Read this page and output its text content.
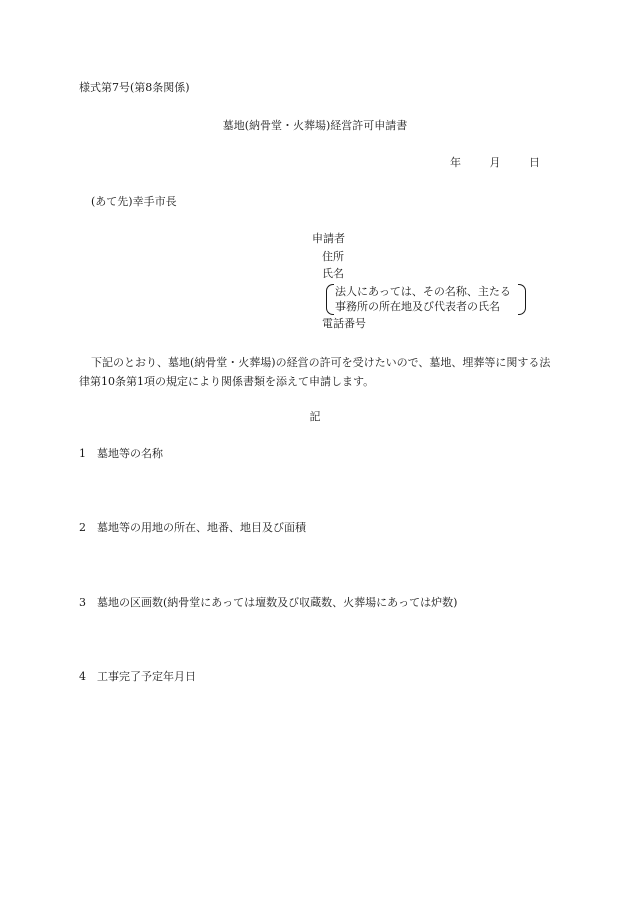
様式第7号(第8条関係)
墓地(納骨堂・火葬場)経営許可申請書
年	月	日
(あて先)幸手市長
申請者
住所
氏名
法人にあっては、その名称、主たる
事務所の所在地及び代表者の氏名
電話番号
下記のとおり、墓地(納骨堂・火葬場)の経営の許可を受けたいので、墓地、埋葬等に関する法律第10条第1項の規定により関係書類を添えて申請します。
記
1 墓地等の名称
2 墓地等の用地の所在、地番、地目及び面積
3 墓地の区画数(納骨堂にあっては壇数及び収蔵数、火葬場にあっては炉数)
4 工事完了予定年月日
